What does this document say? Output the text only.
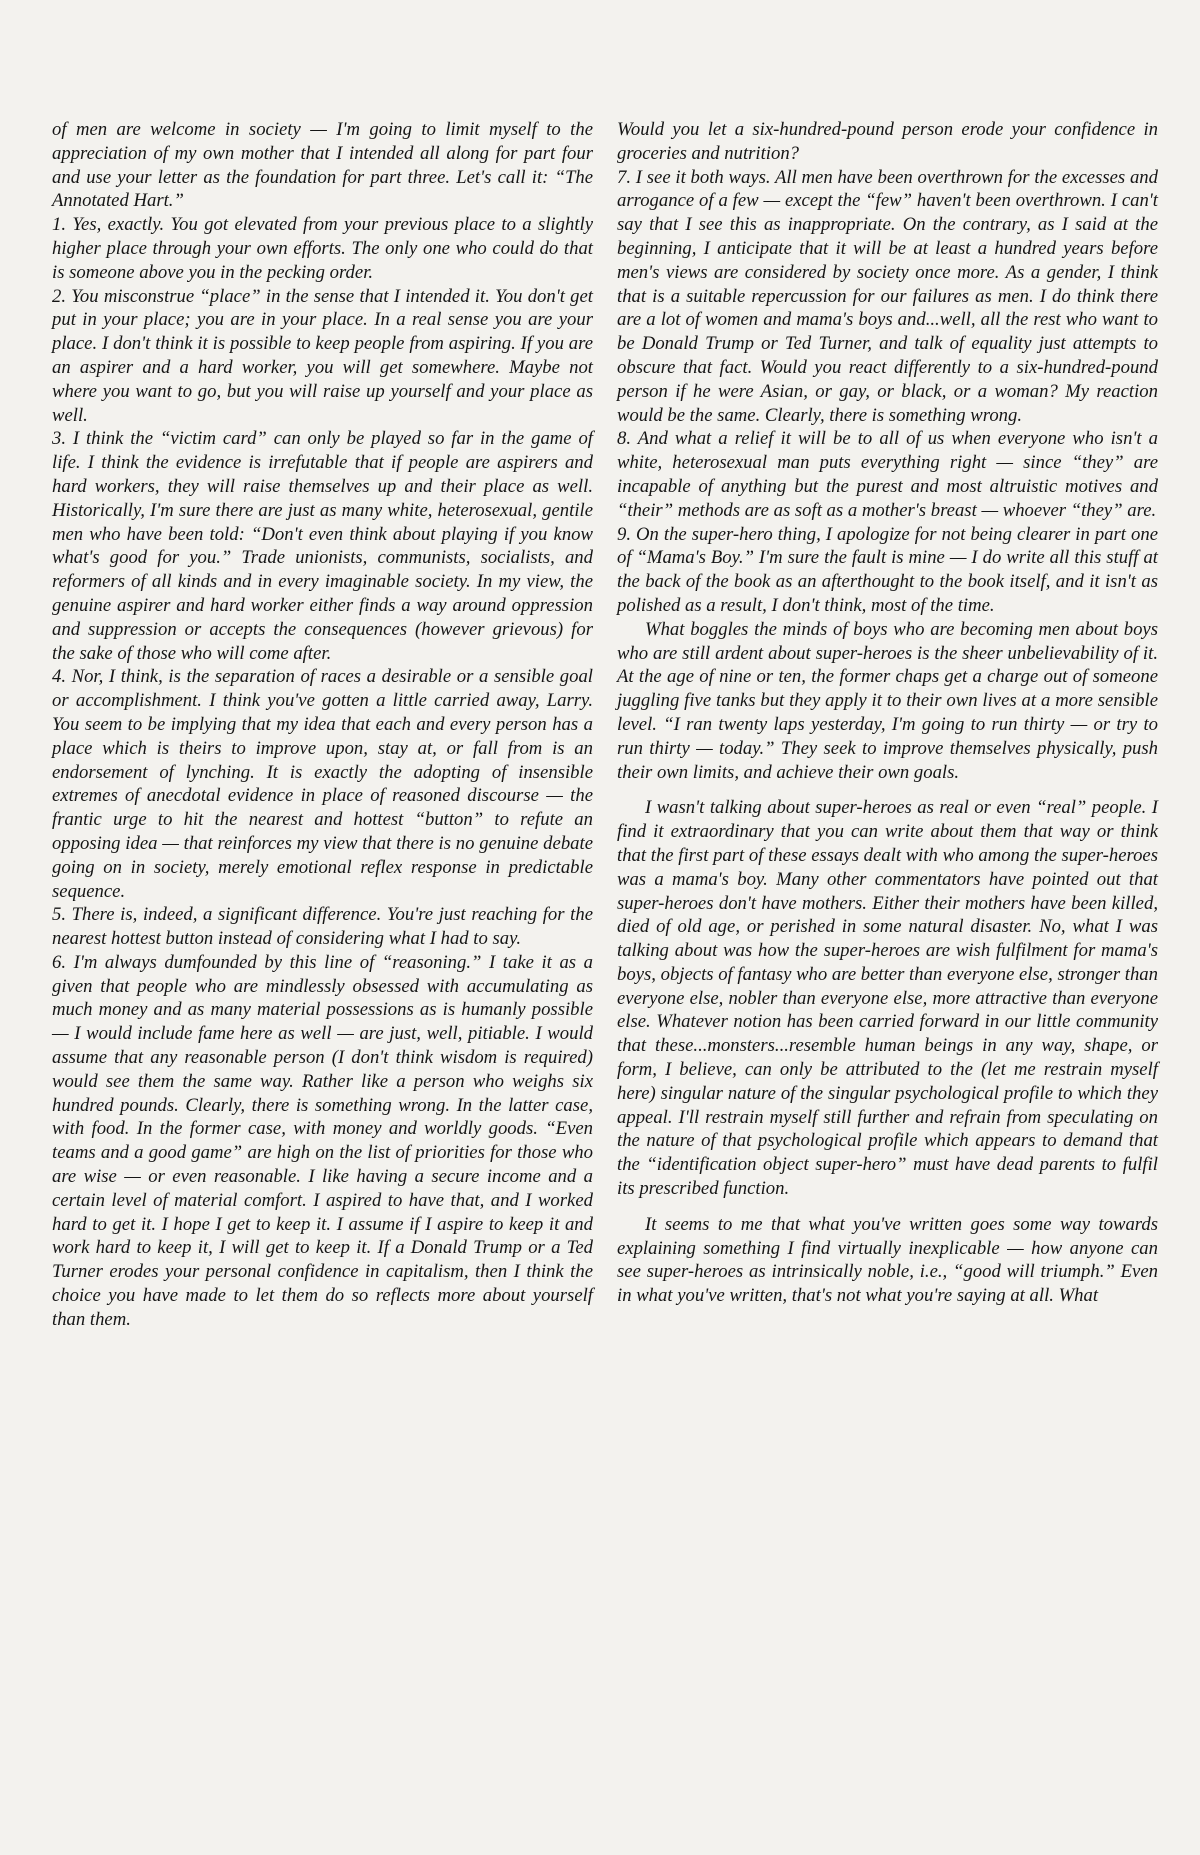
of men are welcome in society — I'm going to limit myself to the appreciation of my own mother that I intended all along for part four and use your letter as the foundation for part three. Let's call it: “The Annotated Hart.”

1. Yes, exactly. You got elevated from your previous place to a slightly higher place through your own efforts. The only one who could do that is someone above you in the pecking order.

2. You misconstrue “place” in the sense that I intended it. You don't get put in your place; you are in your place. In a real sense you are your place. I don't think it is possible to keep people from aspiring. If you are an aspirer and a hard worker, you will get somewhere. Maybe not where you want to go, but you will raise up yourself and your place as well.

3. I think the “victim card” can only be played so far in the game of life. I think the evidence is irrefutable that if people are aspirers and hard workers, they will raise themselves up and their place as well. Historically, I'm sure there are just as many white, heterosexual, gentile men who have been told: “Don't even think about playing if you know what's good for you.” Trade unionists, communists, socialists, and reformers of all kinds and in every imaginable society. In my view, the genuine aspirer and hard worker either finds a way around oppression and suppression or accepts the consequences (however grievous) for the sake of those who will come after.

4. Nor, I think, is the separation of races a desirable or a sensible goal or accomplishment. I think you've gotten a little carried away, Larry. You seem to be implying that my idea that each and every person has a place which is theirs to improve upon, stay at, or fall from is an endorsement of lynching. It is exactly the adopting of insensible extremes of anecdotal evidence in place of reasoned discourse — the frantic urge to hit the nearest and hottest “button” to refute an opposing idea — that reinforces my view that there is no genuine debate going on in society, merely emotional reflex response in predictable sequence.

5. There is, indeed, a significant difference. You're just reaching for the nearest hottest button instead of considering what I had to say.

6. I'm always dumfounded by this line of “reasoning.” I take it as a given that people who are mindlessly obsessed with accumulating as much money and as many material possessions as is humanly possible — I would include fame here as well — are just, well, pitiable. I would assume that any reasonable person (I don't think wisdom is required) would see them the same way. Rather like a person who weighs six hundred pounds. Clearly, there is something wrong. In the latter case, with food. In the former case, with money and worldly goods. “Even teams and a good game” are high on the list of priorities for those who are wise — or even reasonable. I like having a secure income and a certain level of material comfort. I aspired to have that, and I worked hard to get it. I hope I get to keep it. I assume if I aspire to keep it and work hard to keep it, I will get to keep it. If a Donald Trump or a Ted Turner erodes your personal confidence in capitalism, then I think the choice you have made to let them do so reflects more about yourself than them.

Would you let a six-hundred-pound person erode your confidence in groceries and nutrition?

7. I see it both ways. All men have been overthrown for the excesses and arrogance of a few — except the “few” haven't been overthrown. I can't say that I see this as inappropriate. On the contrary, as I said at the beginning, I anticipate that it will be at least a hundred years before men's views are considered by society once more. As a gender, I think that is a suitable repercussion for our failures as men. I do think there are a lot of women and mama's boys and...well, all the rest who want to be Donald Trump or Ted Turner, and talk of equality just attempts to obscure that fact. Would you react differently to a six-hundred-pound person if he were Asian, or gay, or black, or a woman? My reaction would be the same. Clearly, there is something wrong.

8. And what a relief it will be to all of us when everyone who isn't a white, heterosexual man puts everything right — since “they” are incapable of anything but the purest and most altruistic motives and “their” methods are as soft as a mother's breast — whoever “they” are.

9. On the super-hero thing, I apologize for not being clearer in part one of “Mama's Boy.” I'm sure the fault is mine — I do write all this stuff at the back of the book as an afterthought to the book itself, and it isn't as polished as a result, I don't think, most of the time.

What boggles the minds of boys who are becoming men about boys who are still ardent about super-heroes is the sheer unbelievability of it. At the age of nine or ten, the former chaps get a charge out of someone juggling five tanks but they apply it to their own lives at a more sensible level. “I ran twenty laps yesterday, I'm going to run thirty — or try to run thirty — today.” They seek to improve themselves physically, push their own limits, and achieve their own goals.

I wasn't talking about super-heroes as real or even “real” people. I find it extraordinary that you can write about them that way or think that the first part of these essays dealt with who among the super-heroes was a mama's boy. Many other commentators have pointed out that super-heroes don't have mothers. Either their mothers have been killed, died of old age, or perished in some natural disaster. No, what I was talking about was how the super-heroes are wish fulfilment for mama's boys, objects of fantasy who are better than everyone else, stronger than everyone else, nobler than everyone else, more attractive than everyone else. Whatever notion has been carried forward in our little community that these...monsters...resemble human beings in any way, shape, or form, I believe, can only be attributed to the (let me restrain myself here) singular nature of the singular psychological profile to which they appeal. I'll restrain myself still further and refrain from speculating on the nature of that psychological profile which appears to demand that the “identification object super-hero” must have dead parents to fulfil its prescribed function.

It seems to me that what you've written goes some way towards explaining something I find virtually inexplicable — how anyone can see super-heroes as intrinsically noble, i.e., “good will triumph.” Even in what you've written, that's not what you're saying at all. What
